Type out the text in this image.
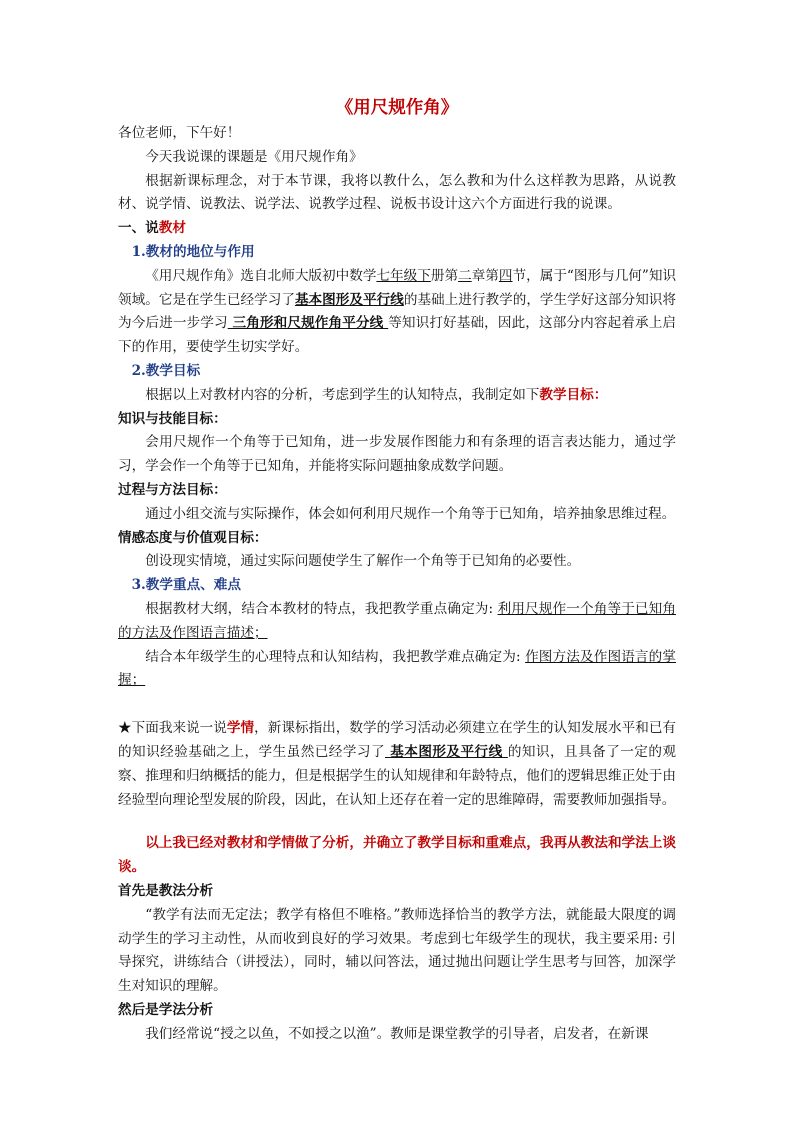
《用尺规作角》

各位老师，下午好！

今天我说课的课题是《用尺规作角》

根据新课标理念，对于本节课，我将以教什么，怎么教和为什么这样教为思路，从说教材、说学情、说教法、说学法、说教学过程、说板书设计这六个方面进行我的说课。

一、说教材

1.教材的地位与作用

《用尺规作角》选自北师大版初中数学七年级下册第二章第四节，属于“图形与几何”知识领域。它是在学生已经学习了基本图形及平行线的基础上进行教学的，学生学好这部分知识将为今后进一步学习 三角形和尺规作角平分线 等知识打好基础，因此，这部分内容起着承上启下的作用，要使学生切实学好。

2.教学目标

根据以上对教材内容的分析，考虑到学生的认知特点，我制定如下教学目标：

知识与技能目标：

会用尺规作一个角等于已知角，进一步发展作图能力和有条理的语言表达能力，通过学习，学会作一个角等于已知角，并能将实际问题抽象成数学问题。

过程与方法目标：

通过小组交流与实际操作，体会如何利用尺规作一个角等于已知角，培养抽象思维过程。

情感态度与价值观目标：

创设现实情境，通过实际问题使学生了解作一个角等于已知角的必要性。

3.教学重点、难点

根据教材大纲，结合本教材的特点，我把教学重点确定为: 利用尺规作一个角等于已知角的方法及作图语言描述；

结合本年级学生的心理特点和认知结构，我把教学难点确定为: 作图方法及作图语言的掌握；

★下面我来说一说学情，新课标指出，数学的学习活动必须建立在学生的认知发展水平和已有的知识经验基础之上，学生虽然已经学习了 基本图形及平行线 的知识，且具备了一定的观察、推理和归纳概括的能力，但是根据学生的认知规律和年龄特点，他们的逻辑思维正处于由经验型向理论型发展的阶段，因此，在认知上还存在着一定的思维障碍，需要教师加强指导。

以上我已经对教材和学情做了分析，并确立了教学目标和重难点，我再从教法和学法上谈谈。

首先是教法分析

“教学有法而无定法；教学有格但不唯格。”教师选择恰当的教学方法，就能最大限度的调动学生的学习主动性，从而收到良好的学习效果。考虑到七年级学生的现状，我主要采用: 引导探究，讲练结合（讲授法），同时，辅以问答法，通过抛出问题让学生思考与回答，加深学生对知识的理解。

然后是学法分析

我们经常说“授之以鱼，不如授之以渔”。教师是课堂教学的引导者，启发者，在新课
